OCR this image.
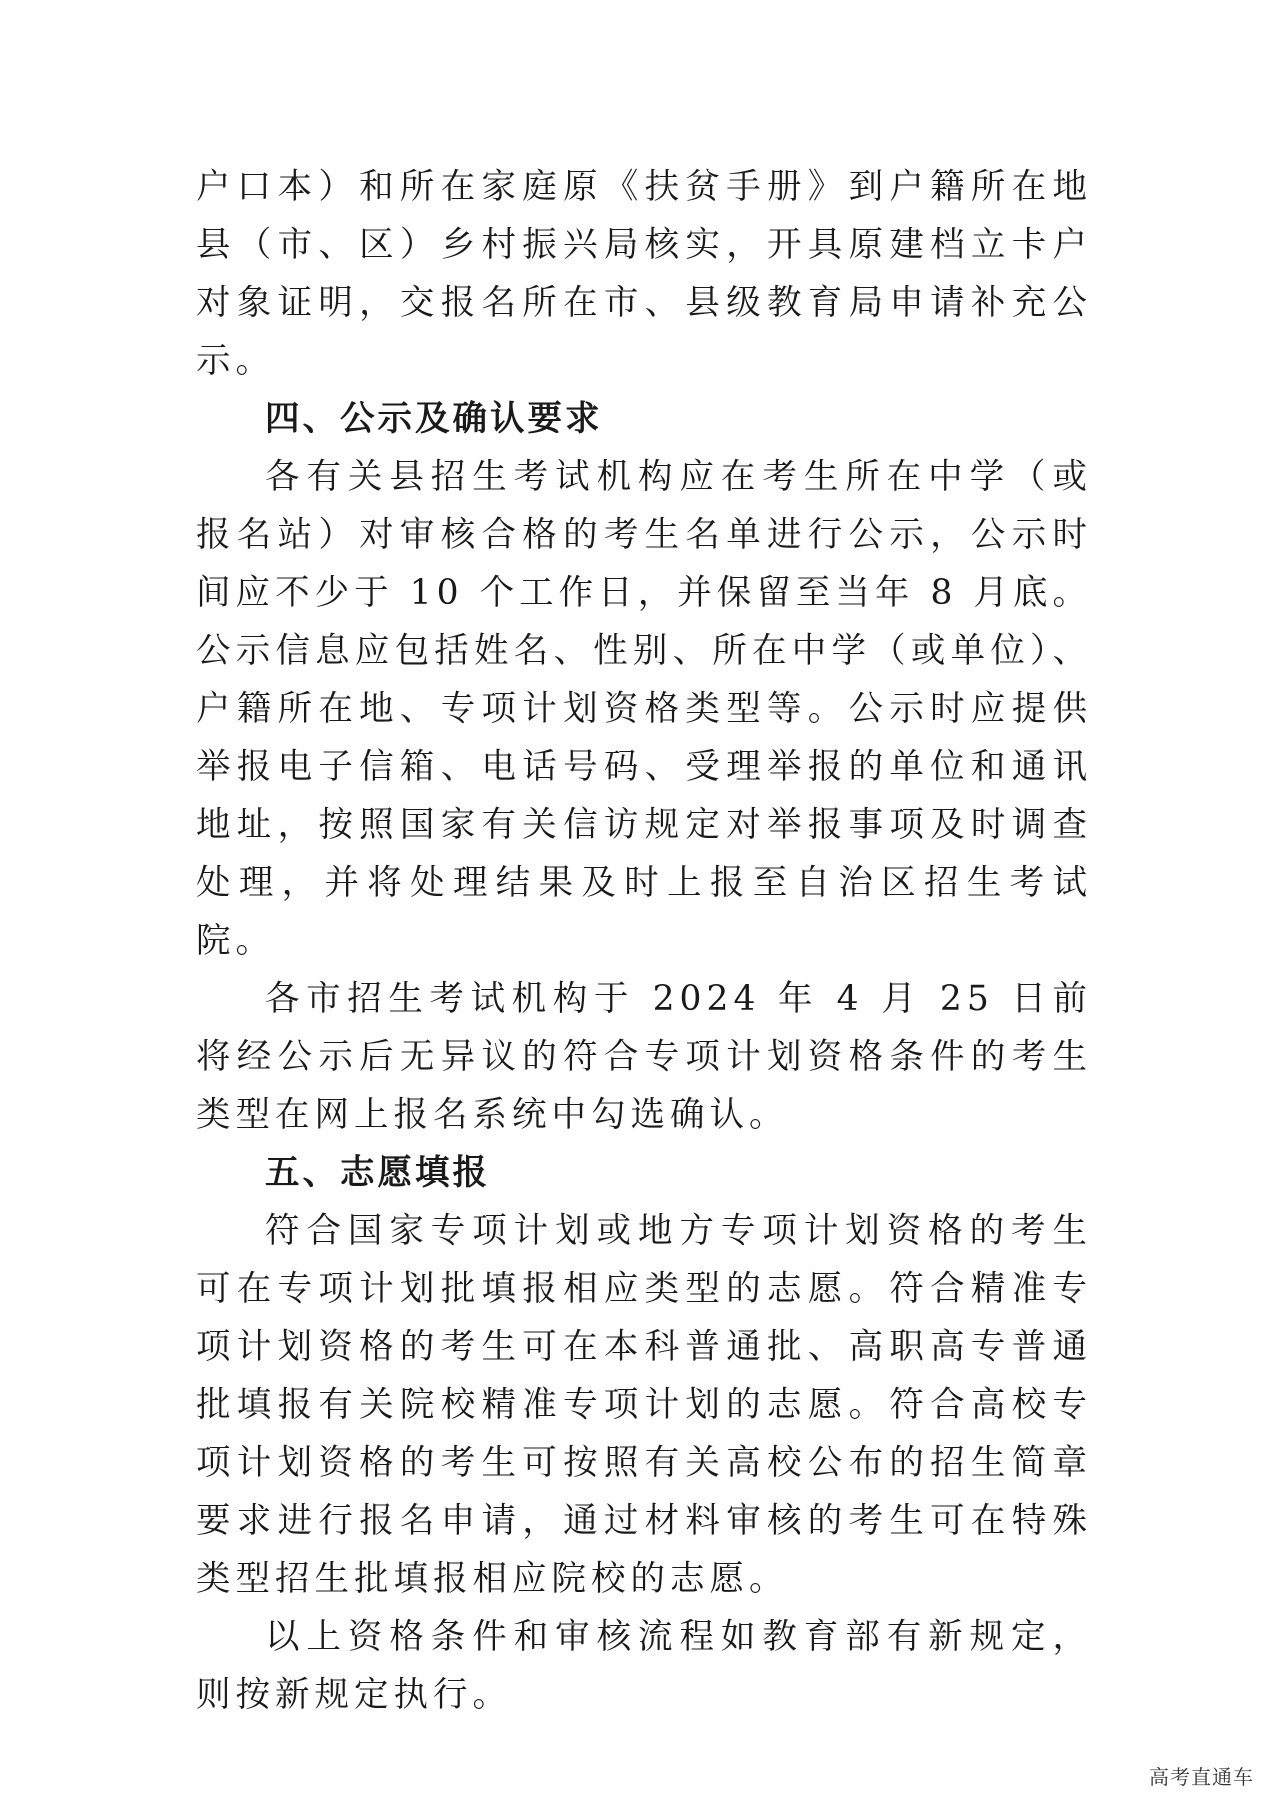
户口本）和所在家庭原《扶贫手册》到户籍所在地县（市、区）乡村振兴局核实，开具原建档立卡户对象证明，交报名所在市、县级教育局申请补充公示。

四、公示及确认要求

各有关县招生考试机构应在考生所在中学（或报名站）对审核合格的考生名单进行公示，公示时间应不少于 10 个工作日，并保留至当年 8 月底。公示信息应包括姓名、性别、所在中学（或单位）、户籍所在地、专项计划资格类型等。公示时应提供举报电子信箱、电话号码、受理举报的单位和通讯地址，按照国家有关信访规定对举报事项及时调查处理，并将处理结果及时上报至自治区招生考试院。

各市招生考试机构于 2024 年 4 月 25 日前将经公示后无异议的符合专项计划资格条件的考生类型在网上报名系统中勾选确认。

五、志愿填报

符合国家专项计划或地方专项计划资格的考生可在专项计划批填报相应类型的志愿。符合精准专项计划资格的考生可在本科普通批、高职高专普通批填报有关院校精准专项计划的志愿。符合高校专项计划资格的考生可按照有关高校公布的招生简章要求进行报名申请，通过材料审核的考生可在特殊类型招生批填报相应院校的志愿。

以上资格条件和审核流程如教育部有新规定，则按新规定执行。

高考直通车
